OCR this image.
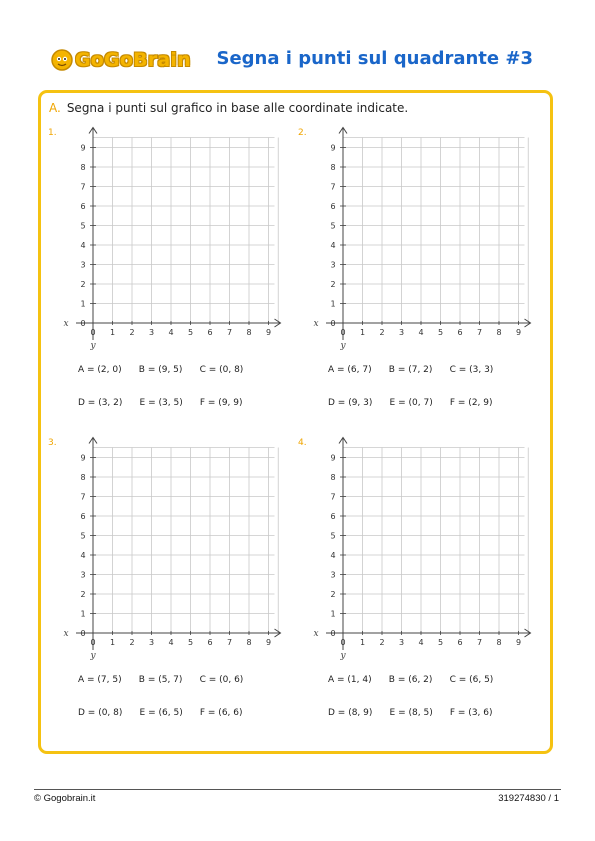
GoGoBrain Segna i punti sul quadrante #3
A. Segna i punti sul grafico in base alle coordinate indicate.
1.
0 1 2 3 4 5 6 7 8 9
0
1
2
3
4
5
6
7
8
9
x
y
A = (2, 0)      B = (9, 5)      C = (0, 8)
D = (3, 2)      E = (3, 5)      F = (9, 9)
2.
0 1 2 3 4 5 6 7 8 9
0
1
2
3
4
5
6
7
8
9
x
y
A = (6, 7)      B = (7, 2)      C = (3, 3)
D = (9, 3)      E = (0, 7)      F = (2, 9)
3.
0 1 2 3 4 5 6 7 8 9
0
1
2
3
4
5
6
7
8
9
x
y
A = (7, 5)      B = (5, 7)      C = (0, 6)
D = (0, 8)      E = (6, 5)      F = (6, 6)
4.
0 1 2 3 4 5 6 7 8 9
0
1
2
3
4
5
6
7
8
9
x
y
A = (1, 4)      B = (6, 2)      C = (6, 5)
D = (8, 9)      E = (8, 5)      F = (3, 6)
© Gogobrain.it	319274830 / 1
